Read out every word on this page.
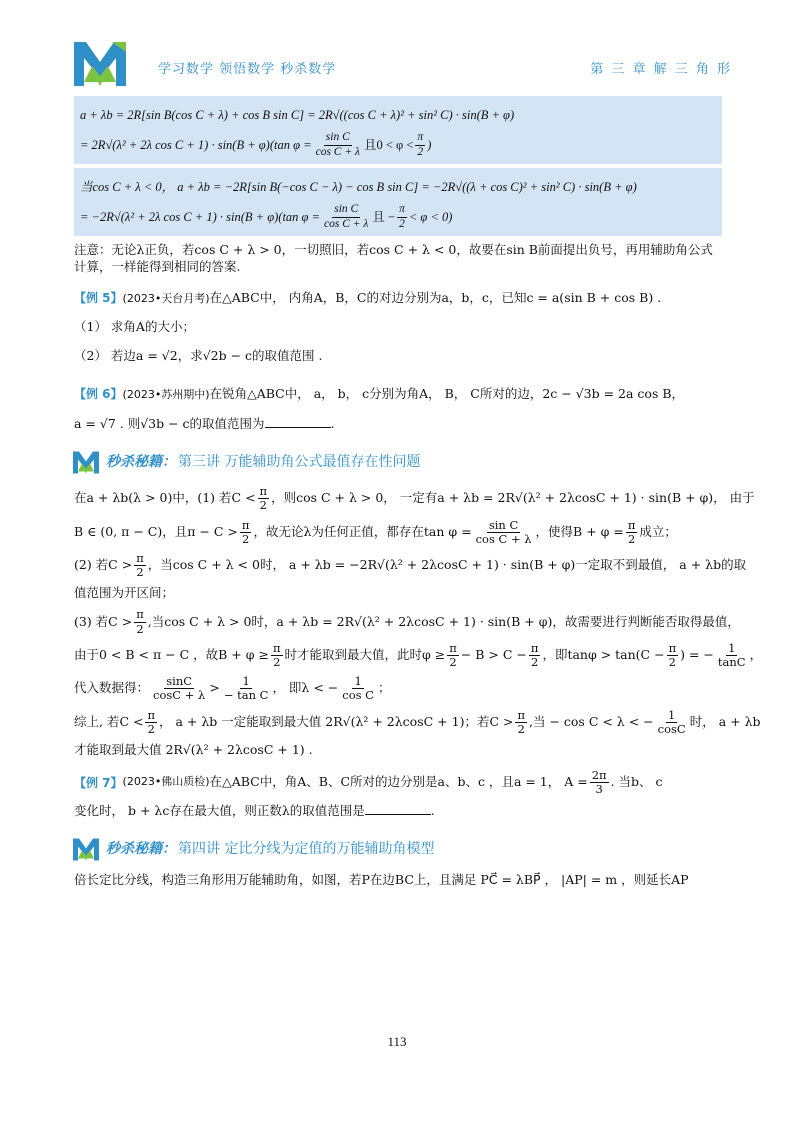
学习数学 领悟数学 秒杀数学	第 三 章 解 三 角 形
a + λb = 2R[sin B(cos C + λ) + cos B sin C] = 2R√((cos C + λ)² + sin² C) · sin(B + φ)
= 2R√(λ² + 2λ cos C + 1) · sin(B + φ)(tan $\varphi = \frac{\text{sin C}}{\text{cos C + λ}}$ 且$0 < \varphi < \frac{\pi}{2}$ )
当cos C + λ < 0， a + λb = −2R[sin B(−cos C − λ) − cos B sin C] = −2R√((λ + cos C)² + sin² C) · sin(B + φ)
= −2R√(λ² + 2λ cos C + 1) · sin(B + φ)(tan $\varphi = \frac{\text{sin C}}{\text{cos C + λ}}$ 且 − $\frac{\pi}{2} < \varphi < 0$)

注意：无论λ正负，若cos C + λ > 0，一切照旧，若cos C + λ < 0，故要在sin B前面提出负号，再用辅助角公式计算，一样能得到相同的答案.

【例 5】(2023•天台月考)在△ABC中， 内角A，B，C的对边分别为a，b，c，已知c = a(sin B + cos B) .

（1） 求角A的大小；

（2） 若边a = √2，求√2b − c的取值范围 .

【例 6】(2023•苏州期中)在锐角△ABC中， a， b， c分别为角A， B， C所对的边，2c − √3b = 2a cos B，

a = √7 . 则√3b − c的取值范围为	.

秒杀秘籍： 第三讲 万能辅助角公式最值存在性问题
在a + λb(λ > 0)中，(1) 若$C < \frac{\pi}{2}$ ，则cos C + λ > 0， 一定有a + λb = 2R√(λ² + 2λcosC + 1) · sin(B + φ)， 由于
B ∈ (0, π − C)，且$\pi - C > \frac{\pi}{2}$ ，故无论λ为任何正值，都存在$\tan \varphi = \frac{\text{sin C}}{\text{cos C + λ}}$ ，使得$B + \varphi = \frac{\pi}{2}$ 成立；
(2) 若$C > \frac{\pi}{2}$ ，当cos C + λ < 0时， a + λb = −2R√(λ² + 2λcosC + 1) · sin(B + φ)一定取不到最值， a + λb的取

值范围为开区间；

(3) 若$C > \frac{\pi}{2}$ ,当cos C + λ > 0时，a + λb = 2R√(λ² + 2λcosC + 1) · sin(B + φ)，故需要进行判断能否取得最值，
由于0 < B < π − C ，故$B + \varphi \ge \frac{\pi}{2}$ 时才能取到最大值，此时$\varphi \ge \frac{\pi}{2} - B > C - \frac{\pi}{2}$ ，即$\tan\varphi > \tan(C - \frac{\pi}{2}$ ) = − $\frac{1}{\tan C}$ ，
代入数据得： $\frac{\sin C}{\cos C + \lambda} > \frac{1}{\text{− tan C}}$ ， 即λ < − $\frac{1}{\text{cos C}}$ ；
综上, 若$C < \frac{\pi}{2}$ ， a + λb 一定能取到最大值 2R√(λ² + 2λcosC + 1)；若$C > \frac{\pi}{2}$ ,当 − cos C < λ < − $\frac{1}{\cos C}$ 时， a + λb

才能取到最大值 2R√(λ² + 2λcosC + 1) .

【例 7】 (2023•佛山质检) 在△ABC中，角A、B、C所对的边分别是a、b、c ，且a = 1， $A = \frac{2\pi}{3}$ . 当b、 c

变化时， b + λc存在最大值，则正数λ的取值范围是	.

秒杀秘籍： 第四讲 定比分线为定值的万能辅助角模型

倍长定比分线，构造三角形用万能辅助角，如图，若P在边BC上，且满足 PC⃗ = λBP⃗ ， |AP| = m ，则延长AP

113
